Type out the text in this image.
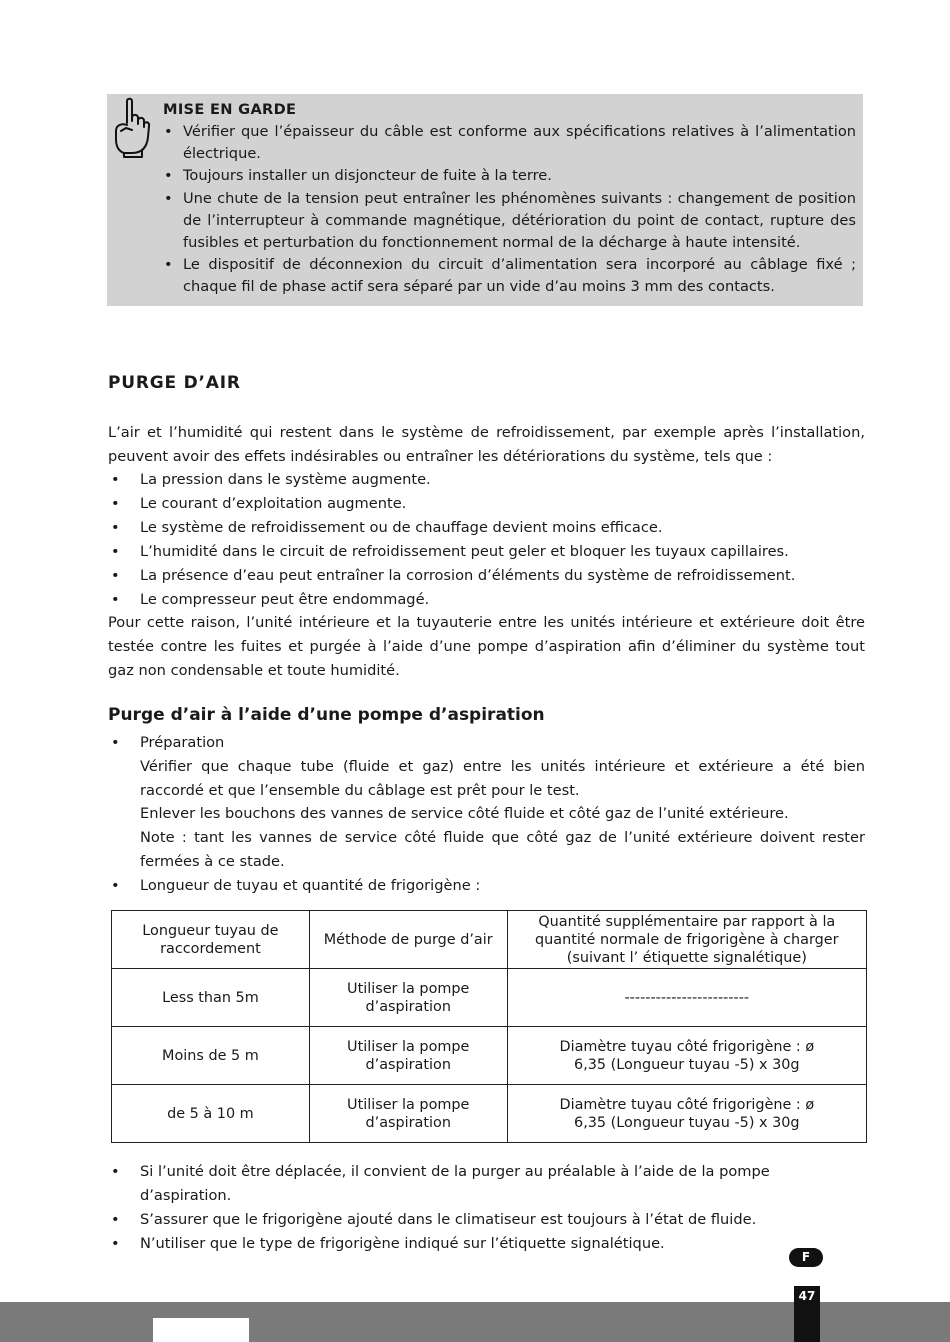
MISE EN GARDE
• Vérifier que l’épaisseur du câble est conforme aux spécifications relatives à l’alimentation électrique.
• Toujours installer un disjoncteur de fuite à la terre.
• Une chute de la tension peut entraîner les phénomènes suivants : changement de position de l’interrupteur à commande magnétique, détérioration du point de contact, rupture des fusibles et perturbation du fonctionnement normal de la décharge à haute intensité.
• Le dispositif de déconnexion du circuit d’alimentation sera incorporé au câblage fixé ; chaque fil de phase actif sera séparé par un vide d’au moins 3 mm des contacts.
PURGE D’AIR
L’air et l’humidité qui restent dans le système de refroidissement, par exemple après l’installation, peuvent avoir des effets indésirables ou entraîner les détériorations du système, tels que :
• La pression dans le système augmente.
• Le courant d’exploitation augmente.
• Le système de refroidissement ou de chauffage devient moins efficace.
• L’humidité dans le circuit de refroidissement peut geler et bloquer les tuyaux capillaires.
• La présence d’eau peut entraîner la corrosion d’éléments du système de refroidissement.
• Le compresseur peut être endommagé.
Pour cette raison, l’unité intérieure et la tuyauterie entre les unités intérieure et extérieure doit être testée contre les fuites et purgée à l’aide d’une pompe d’aspiration afin d’éliminer du système tout gaz non condensable et toute humidité.
Purge d’air à l’aide d’une pompe d’aspiration
• Préparation
Vérifier que chaque tube (fluide et gaz) entre les unités intérieure et extérieure a été bien raccordé et que l’ensemble du câblage est prêt pour le test.
Enlever les bouchons des vannes de service côté fluide et côté gaz de l’unité extérieure.
Note : tant les vannes de service côté fluide que côté gaz de l’unité extérieure doivent rester fermées à ce stade.
• Longueur de tuyau et quantité de frigorigène :
Longueur tuyau de raccordement	Méthode de purge d’air	Quantité supplémentaire par rapport à la quantité normale de frigorigène à charger (suivant l’ étiquette signalétique)
Less than 5m	Utiliser la pompe d’aspiration	------------------------
Moins de 5 m	Utiliser la pompe d’aspiration	Diamètre tuyau côté frigorigène : ø 6,35 (Longueur tuyau -5) x 30g
de 5 à 10 m	Utiliser la pompe d’aspiration	Diamètre tuyau côté frigorigène : ø 6,35 (Longueur tuyau -5) x 30g
• Si l’unité doit être déplacée, il convient de la purger au préalable à l’aide de la pompe d’aspiration.
• S’assurer que le frigorigène ajouté dans le climatiseur est toujours à l’état de fluide.
• N’utiliser que le type de frigorigène indiqué sur l’étiquette signalétique.
F
47
